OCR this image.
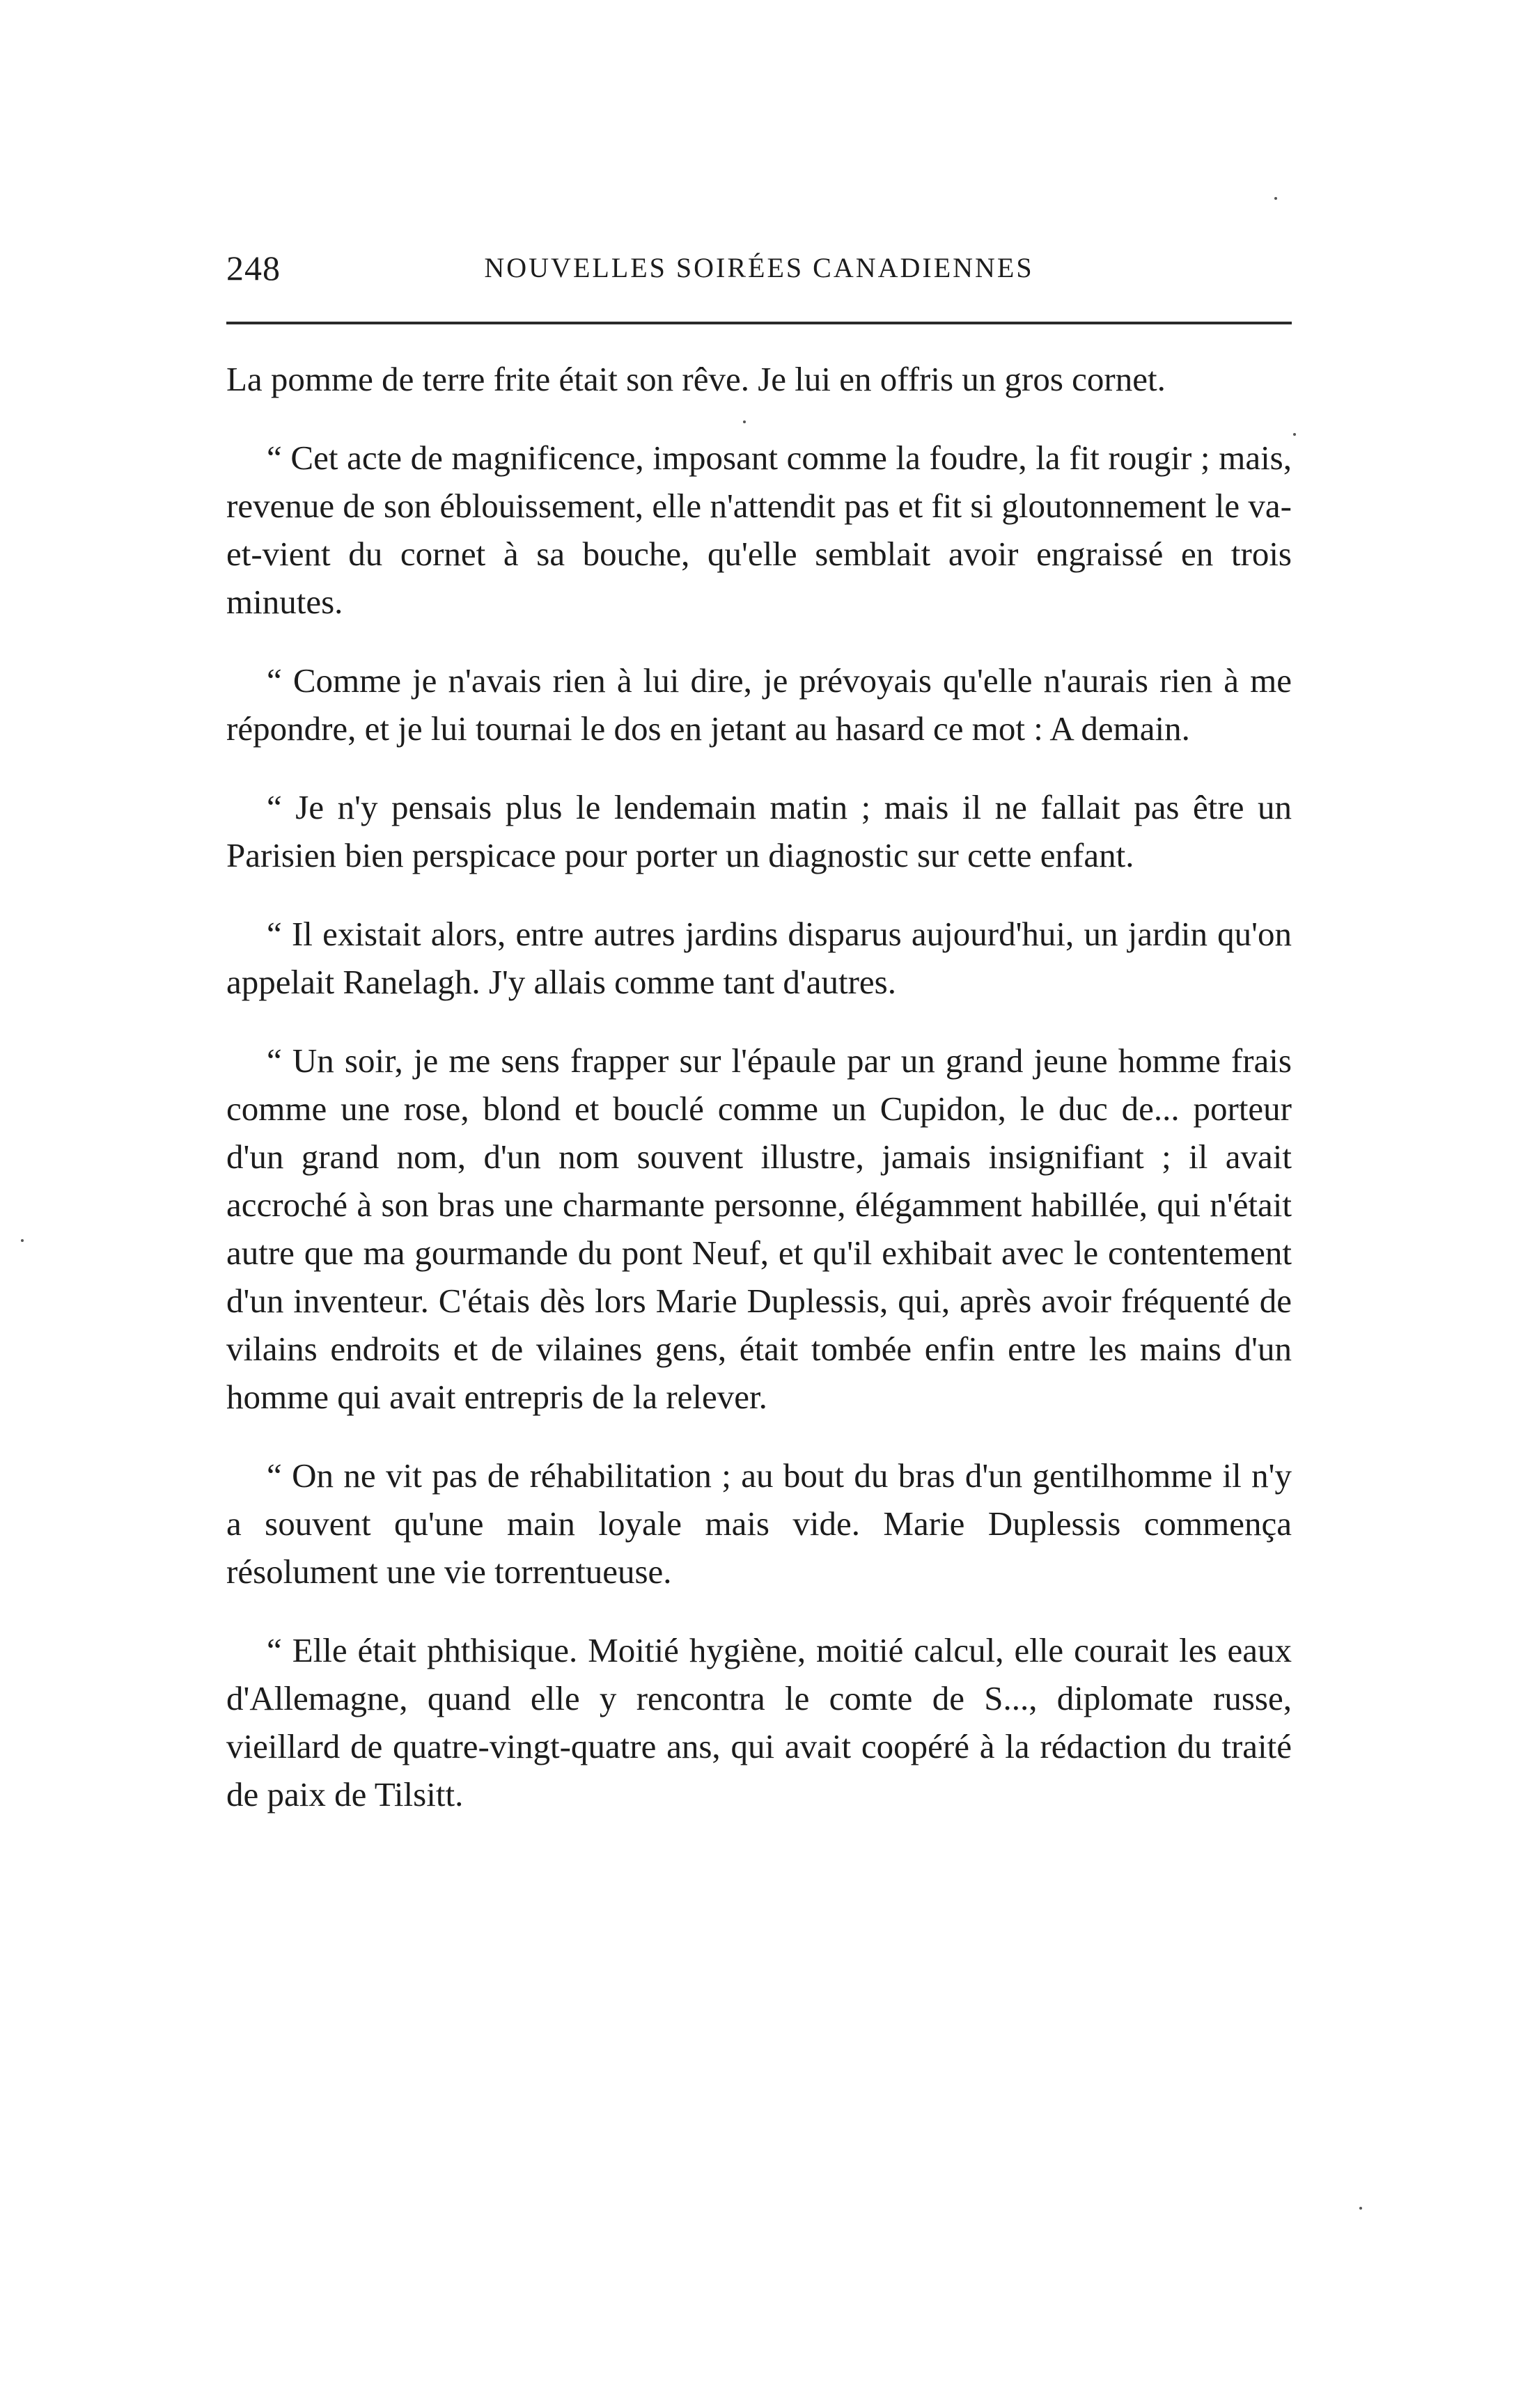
248	NOUVELLES SOIRÉES CANADIENNES

La pomme de terre frite était son rêve. Je lui en offris un gros cornet.

“ Cet acte de magnificence, imposant comme la foudre, la fit rougir ; mais, revenue de son éblouissement, elle n'attendit pas et fit si gloutonnement le va-et-vient du cornet à sa bouche, qu'elle semblait avoir engraissé en trois minutes.

“ Comme je n'avais rien à lui dire, je prévoyais qu'elle n'aurais rien à me répondre, et je lui tournai le dos en jetant au hasard ce mot : A demain.

“ Je n'y pensais plus le lendemain matin ; mais il ne fallait pas être un Parisien bien perspicace pour porter un diagnostic sur cette enfant.

“ Il existait alors, entre autres jardins disparus aujourd'hui, un jardin qu'on appelait Ranelagh. J'y allais comme tant d'autres.

“ Un soir, je me sens frapper sur l'épaule par un grand jeune homme frais comme une rose, blond et bouclé comme un Cupidon, le duc de... porteur d'un grand nom, d'un nom souvent illustre, jamais insignifiant ; il avait accroché à son bras une charmante personne, élégamment habillée, qui n'était autre que ma gourmande du pont Neuf, et qu'il exhibait avec le contentement d'un inventeur. C'étais dès lors Marie Duplessis, qui, après avoir fréquenté de vilains endroits et de vilaines gens, était tombée enfin entre les mains d'un homme qui avait entrepris de la relever.

“ On ne vit pas de réhabilitation ; au bout du bras d'un gentilhomme il n'y a souvent qu'une main loyale mais vide. Marie Duplessis commença résolument une vie torrentueuse.

“ Elle était phthisique. Moitié hygiène, moitié calcul, elle courait les eaux d'Allemagne, quand elle y rencontra le comte de S..., diplomate russe, vieillard de quatre-vingt-quatre ans, qui avait coopéré à la rédaction du traité de paix de Tilsitt.
